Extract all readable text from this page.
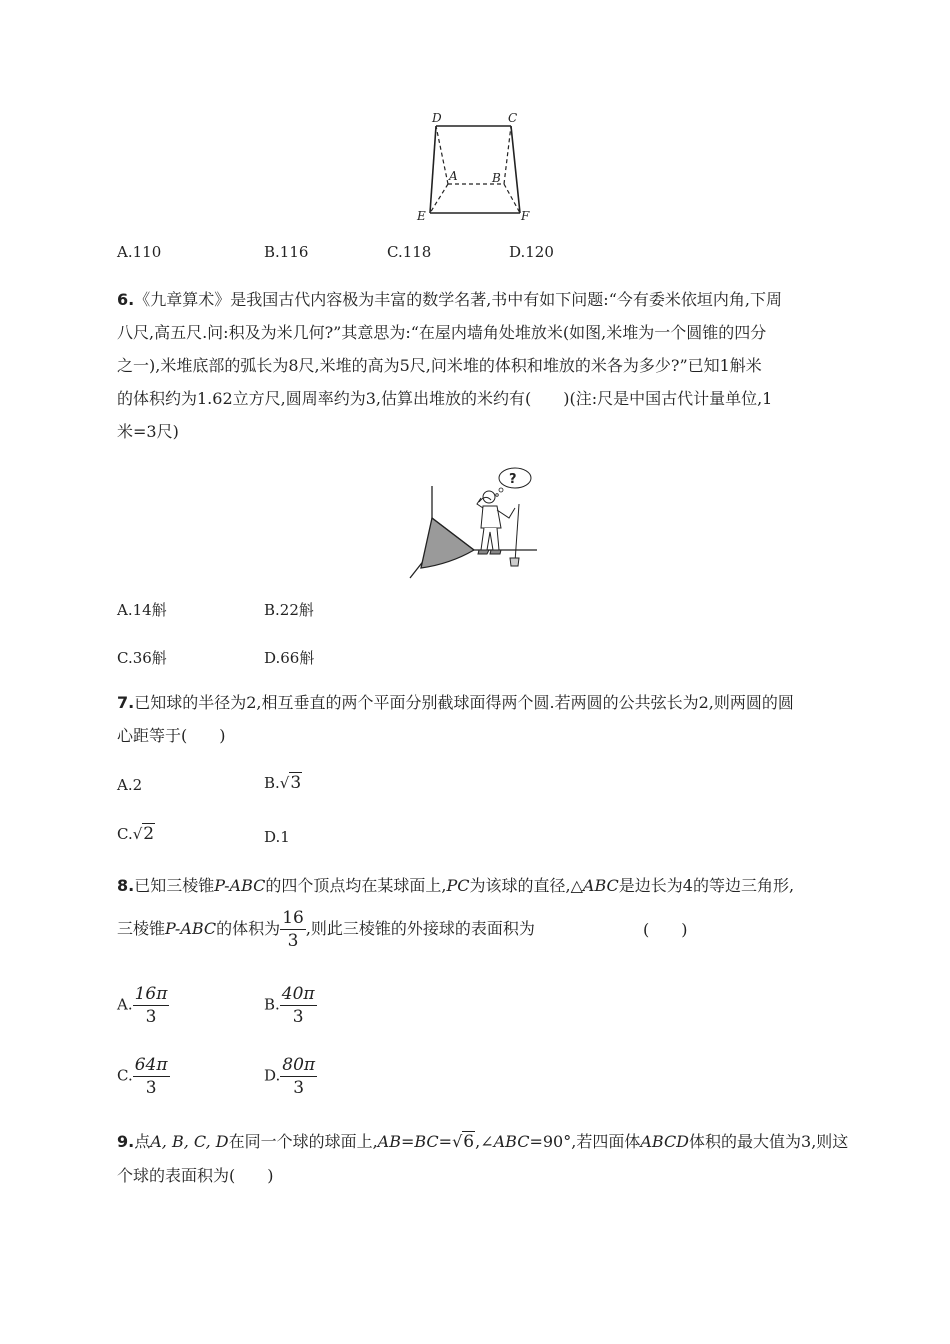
D	C
A	B
E	F
A.110	B.116	C.118	D.120
6.《九章算术》是我国古代内容极为丰富的数学名著,书中有如下问题:“今有委米依垣内角,下周
八尺,高五尺.问:积及为米几何?”其意思为:“在屋内墙角处堆放米(如图,米堆为一个圆锥的四分
之一),米堆底部的弧长为8尺,米堆的高为5尺,问米堆的体积和堆放的米各为多少?”已知1斛米
的体积约为1.62立方尺,圆周率约为3,估算出堆放的米约有(　　)(注:尺是中国古代计量单位,1
米=3尺)
?
A.14斛	B.22斛
C.36斛	D.66斛
7.已知球的半径为2,相互垂直的两个平面分别截球面得两个圆.若两圆的公共弦长为2,则两圆的圆
心距等于(　　)
A.2	B.√3
C.√2	D.1
8.已知三棱锥P-ABC的四个顶点均在某球面上,PC为该球的直径,△ABC是边长为4的等边三角形,
三棱锥P-ABC的体积为 $\frac{16}{3}$ ,则此三棱锥的外接球的表面积为	(　　)
A. $\frac{16\pi}{3}$	B. $\frac{40\pi}{3}$
C. $\frac{64\pi}{3}$	D. $\frac{80\pi}{3}$
9.点A, B, C, D在同一个球的球面上,AB=BC=√6,∠ABC=90°,若四面体ABCD体积的最大值为3,则这
个球的表面积为(　　)
